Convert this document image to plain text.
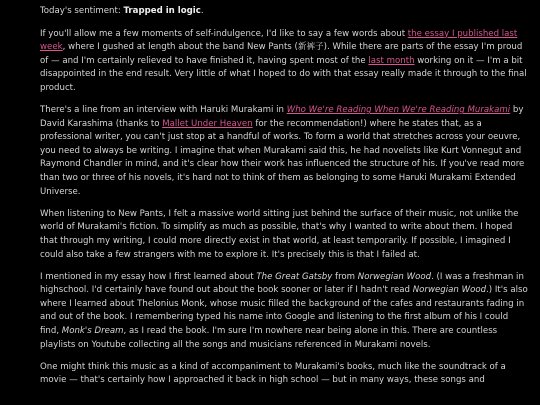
Today's sentiment: Trapped in logic.

If you'll allow me a few moments of self-indulgence, I'd like to say a few words about the essay I published last week, where I gushed at length about the band New Pants (新裤子). While there are parts of the essay I'm proud of — and I'm certainly relieved to have finished it, having spent most of the last month working on it — I'm a bit disappointed in the end result. Very little of what I hoped to do with that essay really made it through to the final product.

There's a line from an interview with Haruki Murakami in Who We're Reading When We're Reading Murakami by David Karashima (thanks to Mallet Under Heaven for the recommendation!) where he states that, as a professional writer, you can't just stop at a handful of works. To form a world that stretches across your oeuvre, you need to always be writing. I imagine that when Murakami said this, he had novelists like Kurt Vonnegut and Raymond Chandler in mind, and it's clear how their work has influenced the structure of his. If you've read more than two or three of his novels, it's hard not to think of them as belonging to some Haruki Murakami Extended Universe.

When listening to New Pants, I felt a massive world sitting just behind the surface of their music, not unlike the world of Murakami's fiction. To simplify as much as possible, that's why I wanted to write about them. I hoped that through my writing, I could more directly exist in that world, at least temporarily. If possible, I imagined I could also take a few strangers with me to explore it. It's precisely this is that I failed at.

I mentioned in my essay how I first learned about The Great Gatsby from Norwegian Wood. (I was a freshman in highschool. I'd certainly have found out about the book sooner or later if I hadn't read Norwegian Wood.) It's also where I learned about Thelonius Monk, whose music filled the background of the cafes and restaurants fading in and out of the book. I remembering typed his name into Google and listening to the first album of his I could find, Monk's Dream, as I read the book. I'm sure I'm nowhere near being alone in this. There are countless playlists on Youtube collecting all the songs and musicians referenced in Murakami novels.

One might think this music as a kind of accompaniment to Murakami's books, much like the soundtrack of a movie — that's certainly how I approached it back in high school — but in many ways, these songs and
